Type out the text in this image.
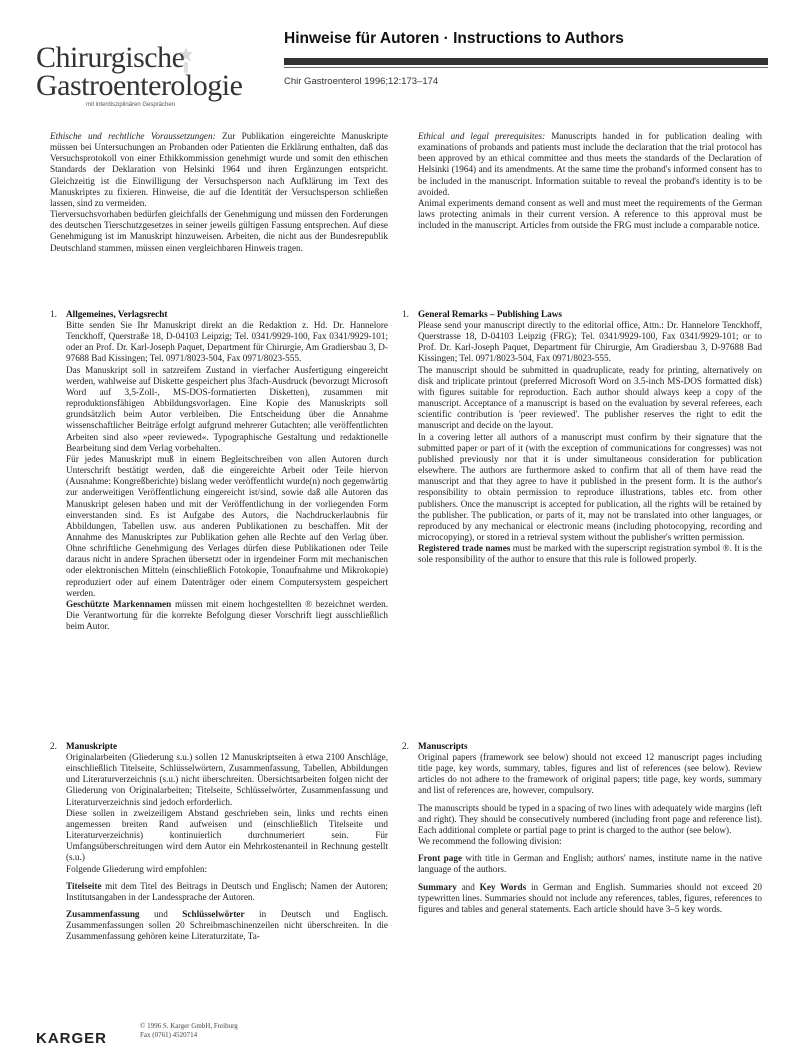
Chirurgische
Gastroenterologie
mit interdisziplinären Gesprächen
Hinweise für Autoren · Instructions to Authors
Chir Gastroenterol 1996;12:173–174

Ethische und rechtliche Voraussetzungen: Zur Publikation eingereichte Manuskripte müssen bei Untersuchungen an Probanden oder Patienten die Erklärung enthalten, daß das Versuchsprotokoll von einer Ethikkommission genehmigt wurde und somit den ethischen Standards der Deklaration von Helsinki 1964 und ihren Ergänzungen entspricht. Gleichzeitig ist die Einwilligung der Versuchsperson nach Aufklärung im Text des Manuskriptes zu fixieren. Hinweise, die auf die Identität der Versuchsperson schließen lassen, sind zu vermeiden.

Tierversuchsvorhaben bedürfen gleichfalls der Genehmigung und müssen den Forderungen des deutschen Tierschutzgesetzes in seiner jeweils gültigen Fassung entsprechen. Auf diese Genehmigung ist im Manuskript hinzuweisen. Arbeiten, die nicht aus der Bundesrepublik Deutschland stammen, müssen einen vergleichbaren Hinweis tragen.

Ethical and legal prerequisites: Manuscripts handed in for publication dealing with examinations of probands and patients must include the declaration that the trial protocol has been approved by an ethical committee and thus meets the standards of the Declaration of Helsinki (1964) and its amendments. At the same time the proband's informed consent has to be included in the manuscript. Information suitable to reveal the proband's identity is to be avoided.

Animal experiments demand consent as well and must meet the requirements of the German laws protecting animals in their current version. A reference to this approval must be included in the manuscript. Articles from outside the FRG must include a comparable notice.

1. Allgemeines, Verlagsrecht

Bitte senden Sie Ihr Manuskript direkt an die Redaktion z. Hd. Dr. Hannelore Tenckhoff, Querstraße 18, D-04103 Leipzig; Tel. 0341/9929-100, Fax 0341/9929-101; oder an Prof. Dr. Karl-Joseph Paquet, Department für Chirurgie, Am Gradiersbau 3, D-97688 Bad Kissingen; Tel. 0971/8023-504, Fax 0971/8023-555.

Das Manuskript soll in satzreifem Zustand in vierfacher Ausfertigung eingereicht werden, wahlweise auf Diskette gespeichert plus 3fach-Ausdruck (bevorzugt Microsoft Word auf 3,5-Zoll-, MS-DOS-formatierten Disketten), zusammen mit reproduktionsfähigen Abbildungsvorlagen. Eine Kopie des Manuskripts soll grundsätzlich beim Autor verbleiben. Die Entscheidung über die Annahme wissenschaftlicher Beiträge erfolgt aufgrund mehrerer Gutachten; alle veröffentlichten Arbeiten sind also »peer reviewed«. Typographische Gestaltung und redaktionelle Bearbeitung sind dem Verlag vorbehalten.

Für jedes Manuskript muß in einem Begleitschreiben von allen Autoren durch Unterschrift bestätigt werden, daß die eingereichte Arbeit oder Teile hiervon (Ausnahme: Kongreßberichte) bislang weder veröffentlicht wurde(n) noch gegenwärtig zur anderweitigen Veröffentlichung eingereicht ist/sind, sowie daß alle Autoren das Manuskript gelesen haben und mit der Veröffentlichung in der vorliegenden Form einverstanden sind. Es ist Aufgabe des Autors, die Nachdruckerlaubnis für Abbildungen, Tabellen usw. aus anderen Publikationen zu beschaffen. Mit der Annahme des Manuskriptes zur Publikation gehen alle Rechte auf den Verlag über. Ohne schriftliche Genehmigung des Verlages dürfen diese Publikationen oder Teile daraus nicht in andere Sprachen übersetzt oder in irgendeiner Form mit mechanischen oder elektronischen Mitteln (einschließlich Fotokopie, Tonaufnahme und Mikrokopie) reproduziert oder auf einem Datenträger oder einem Computersystem gespeichert werden.

Geschützte Markennamen müssen mit einem hochgestellten ® bezeichnet werden. Die Verantwortung für die korrekte Befolgung dieser Vorschrift liegt ausschließlich beim Autor.

1. General Remarks – Publishing Laws

Please send your manuscript directly to the editorial office, Attn.: Dr. Hannelore Tenckhoff, Querstrasse 18, D-04103 Leipzig (FRG); Tel. 0341/9929-100, Fax 0341/9929-101; or to Prof. Dr. Karl-Joseph Paquet, Department für Chirurgie, Am Gradiersbau 3, D-97688 Bad Kissingen; Tel. 0971/8023-504, Fax 0971/8023-555.

The manuscript should be submitted in quadruplicate, ready for printing, alternatively on disk and triplicate printout (preferred Microsoft Word on 3.5-inch MS-DOS formatted disk) with figures suitable for reproduction. Each author should always keep a copy of the manuscript. Acceptance of a manuscript is based on the evaluation by several referees, each scientific contribution is 'peer reviewed'. The publisher reserves the right to edit the manuscript and decide on the layout.

In a covering letter all authors of a manuscript must confirm by their signature that the submitted paper or part of it (with the exception of communications for congresses) was not published previously nor that it is under simultaneous consideration for publication elsewhere. The authors are furthermore asked to confirm that all of them have read the manuscript and that they agree to have it published in the present form. It is the author's responsibility to obtain permission to reproduce illustrations, tables etc. from other publishers. Once the manuscript is accepted for publication, all the rights will be retained by the publisher. The publication, or parts of it, may not be translated into other languages, or reproduced by any mechanical or electronic means (including photocopying, recording and microcopying), or stored in a retrieval system without the publisher's written permission.

Registered trade names must be marked with the superscript registration symbol ®. It is the sole responsibility of the author to ensure that this rule is followed properly.

2. Manuskripte

Originalarbeiten (Gliederung s.u.) sollen 12 Manuskriptseiten à etwa 2100 Anschläge, einschließlich Titelseite, Schlüsselwörtern, Zusammenfassung, Tabellen, Abbildungen und Literaturverzeichnis (s.u.) nicht überschreiten. Übersichtsarbeiten folgen nicht der Gliederung von Originalarbeiten; Titelseite, Schlüsselwörter, Zusammenfassung und Literaturverzeichnis sind jedoch erforderlich.

Diese sollen in zweizeiligem Abstand geschrieben sein, links und rechts einen angemessen breiten Rand aufweisen und (einschließlich Titelseite und Literaturverzeichnis) kontinuierlich durchnumeriert sein. Für Umfangsüberschreitungen wird dem Autor ein Mehrkostenanteil in Rechnung gestellt (s.u.)

Folgende Gliederung wird empfohlen:

Titelseite mit dem Titel des Beitrags in Deutsch und Englisch; Namen der Autoren; Institutsangaben in der Landessprache der Autoren.

Zusammenfassung und Schlüsselwörter in Deutsch und Englisch. Zusammenfassungen sollen 20 Schreibmaschinenzeilen nicht überschreiten. In die Zusammenfassung gehören keine Literaturzitate, Ta-

2. Manuscripts

Original papers (framework see below) should not exceed 12 manuscript pages including title page, key words, summary, tables, figures and list of references (see below). Review articles do not adhere to the framework of original papers; title page, key words, summary and list of references are, however, compulsory.

The manuscripts should be typed in a spacing of two lines with adequately wide margins (left and right). They should be consecutively numbered (including front page and reference list). Each additional complete or partial page to print is charged to the author (see below).

We recommend the following division:

Front page with title in German and English; authors' names, institute name in the native language of the authors.

Summary and Key Words in German and English. Summaries should not exceed 20 typewritten lines. Summaries should not include any references, tables, figures, references to figures and tables and general statements. Each article should have 3–5 key words.

KARGER
© 1996 S. Karger GmbH, Freiburg
Fax (0761) 4520714
